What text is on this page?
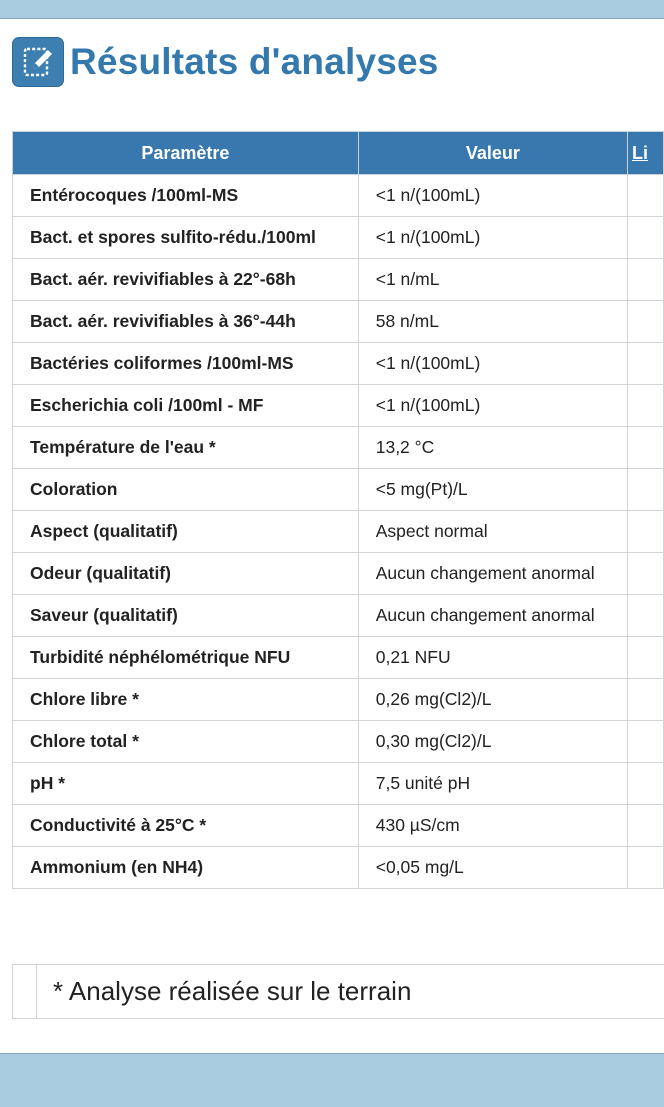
Résultats d'analyses
Paramètre	Valeur	Li
Entérocoques /100ml-MS	<1 n/(100mL)	
Bact. et spores sulfito-rédu./100ml	<1 n/(100mL)	
Bact. aér. revivifiables à 22°-68h	<1 n/mL	
Bact. aér. revivifiables à 36°-44h	58 n/mL	
Bactéries coliformes /100ml-MS	<1 n/(100mL)	
Escherichia coli /100ml - MF	<1 n/(100mL)	
Température de l'eau *	13,2 °C	
Coloration	<5 mg(Pt)/L	
Aspect (qualitatif)	Aspect normal	
Odeur (qualitatif)	Aucun changement anormal	
Saveur (qualitatif)	Aucun changement anormal	
Turbidité néphélométrique NFU	0,21 NFU	
Chlore libre *	0,26 mg(Cl2)/L	
Chlore total *	0,30 mg(Cl2)/L	
pH *	7,5 unité pH	
Conductivité à 25°C *	430 µS/cm	
Ammonium (en NH4)	<0,05 mg/L	
* Analyse réalisée sur le terrain
